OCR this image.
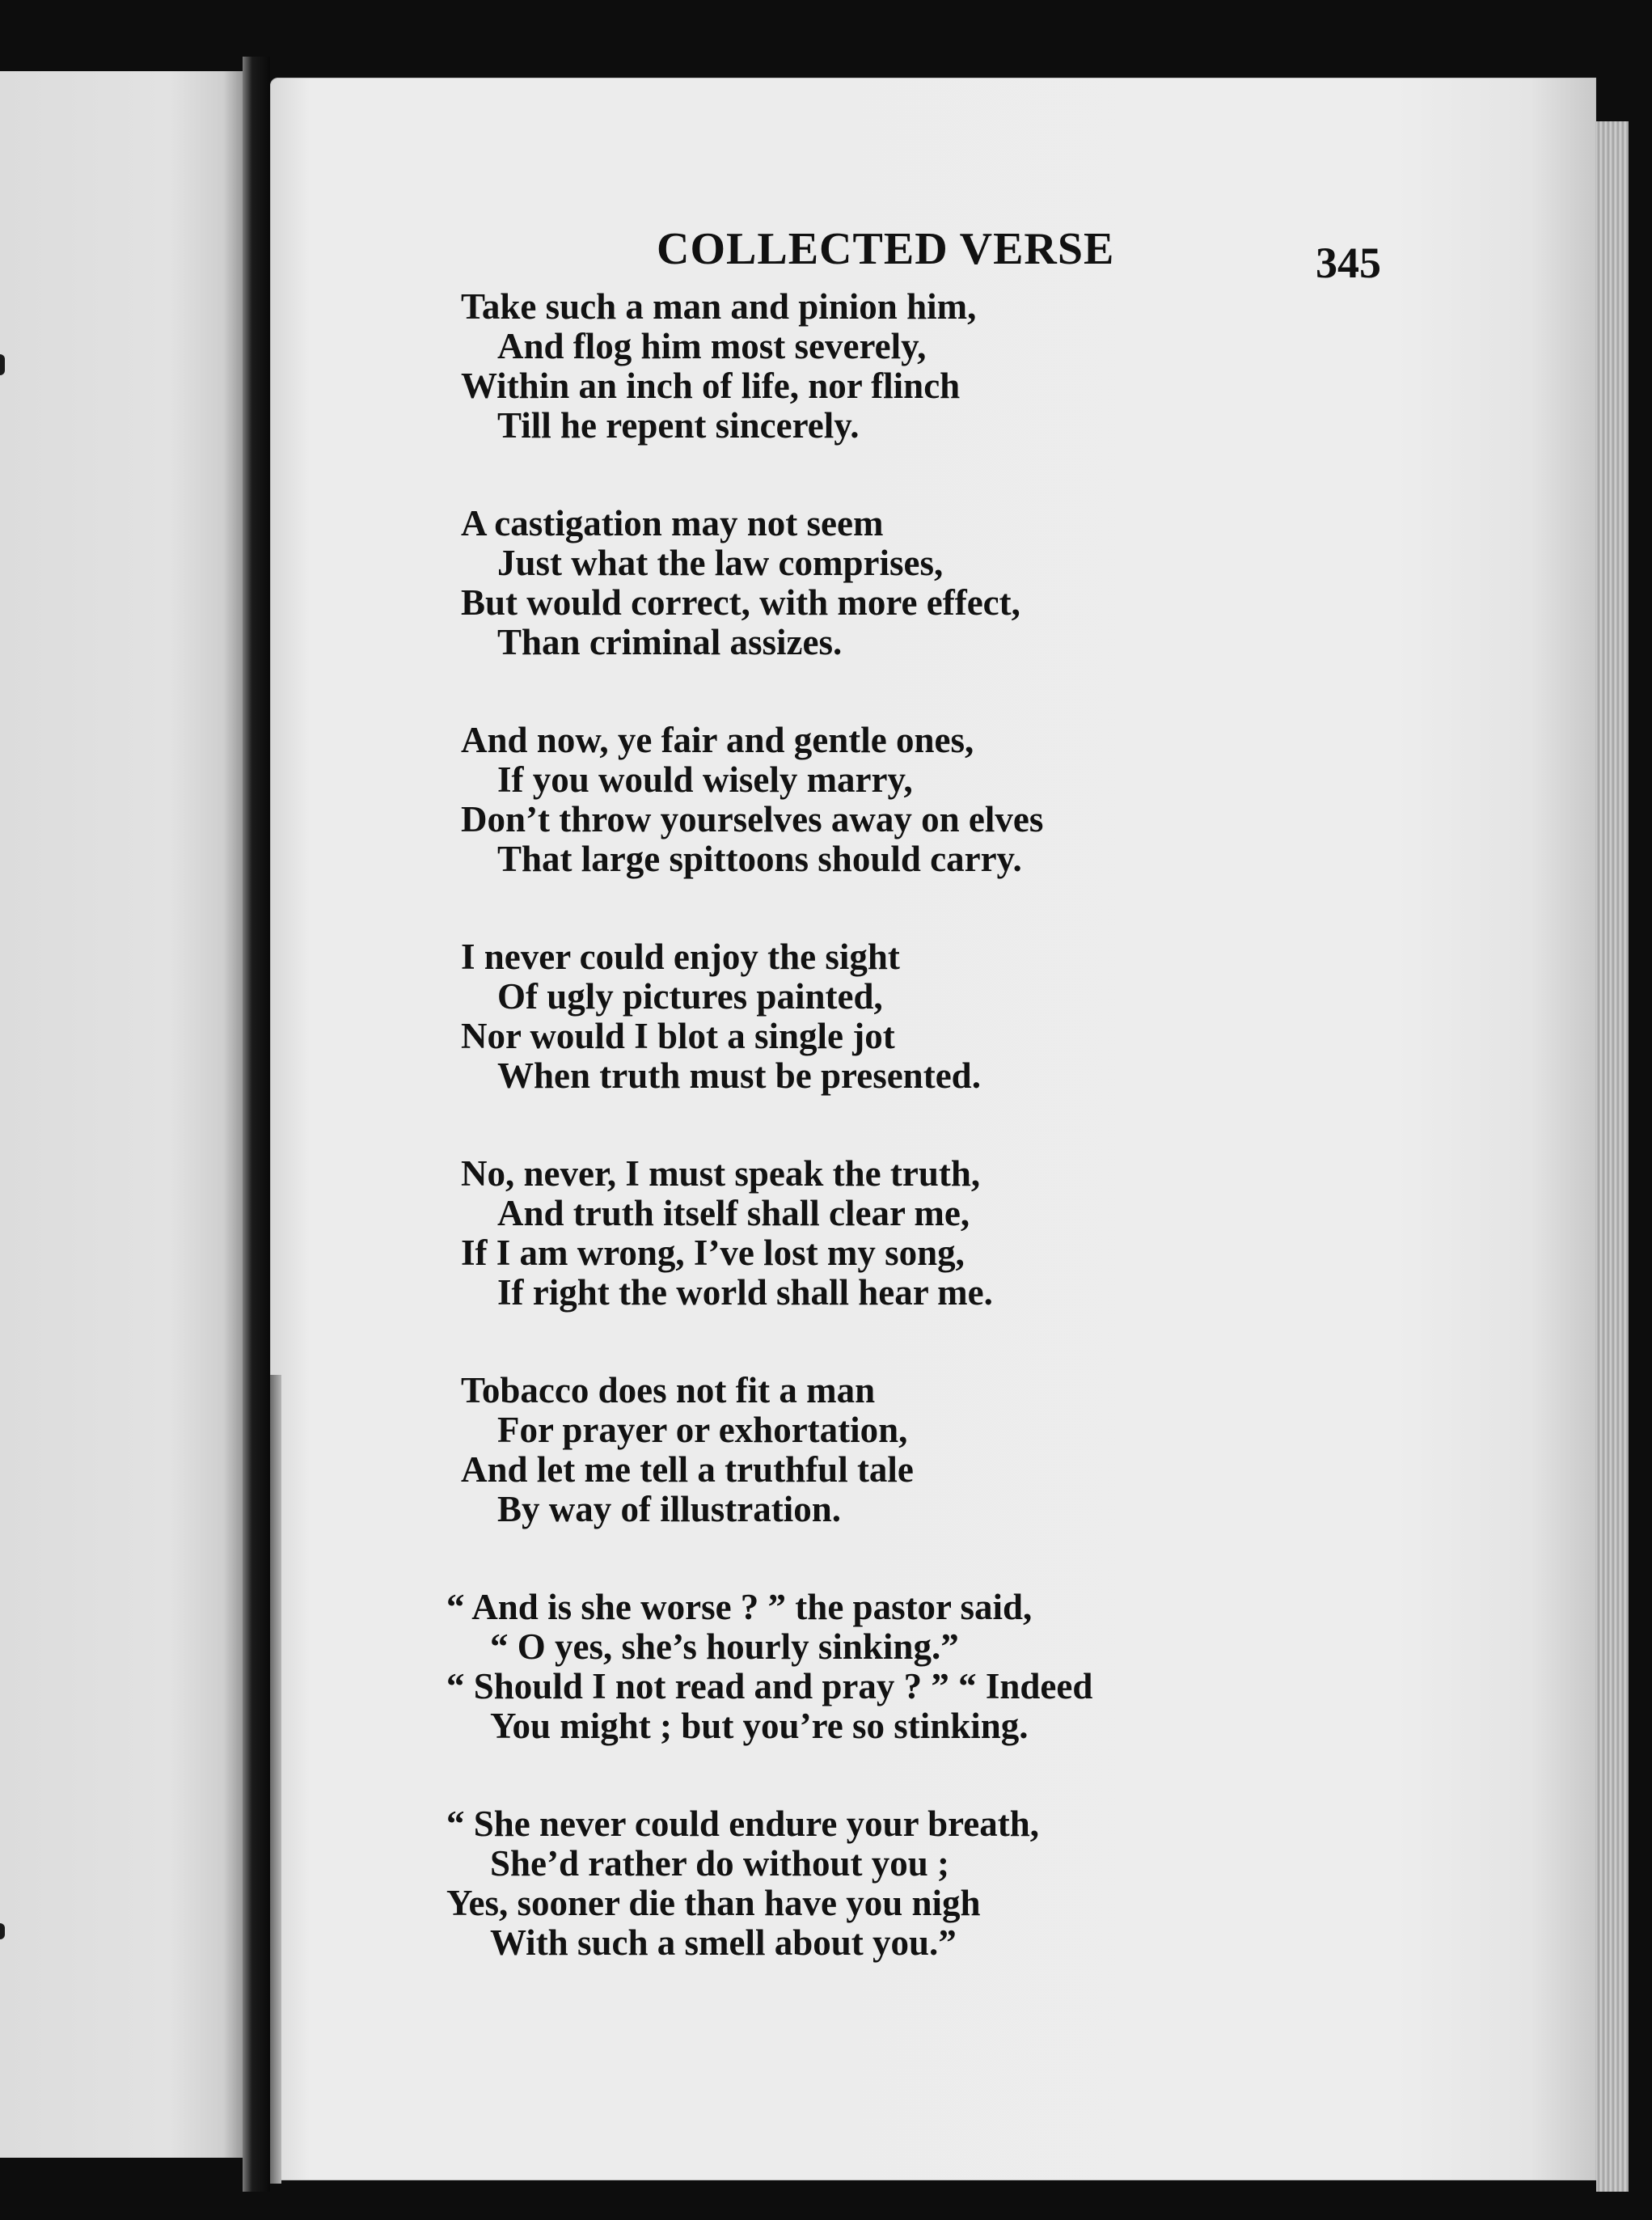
COLLECTED VERSE	345
Take such a man and pinion him,
And flog him most severely,
Within an inch of life, nor flinch
Till he repent sincerely.
A castigation may not seem
Just what the law comprises,
But would correct, with more effect,
Than criminal assizes.
And now, ye fair and gentle ones,
If you would wisely marry,
Don’t throw yourselves away on elves
That large spittoons should carry.
I never could enjoy the sight
Of ugly pictures painted,
Nor would I blot a single jot
When truth must be presented.
No, never, I must speak the truth,
And truth itself shall clear me,
If I am wrong, I’ve lost my song,
If right the world shall hear me.
Tobacco does not fit a man
For prayer or exhortation,
And let me tell a truthful tale
By way of illustration.
“ And is she worse ? ” the pastor said,
“ O yes, she’s hourly sinking.”
“ Should I not read and pray ? ” “ Indeed
You might ; but you’re so stinking.
“ She never could endure your breath,
She’d rather do without you ;
Yes, sooner die than have you nigh
With such a smell about you.”
